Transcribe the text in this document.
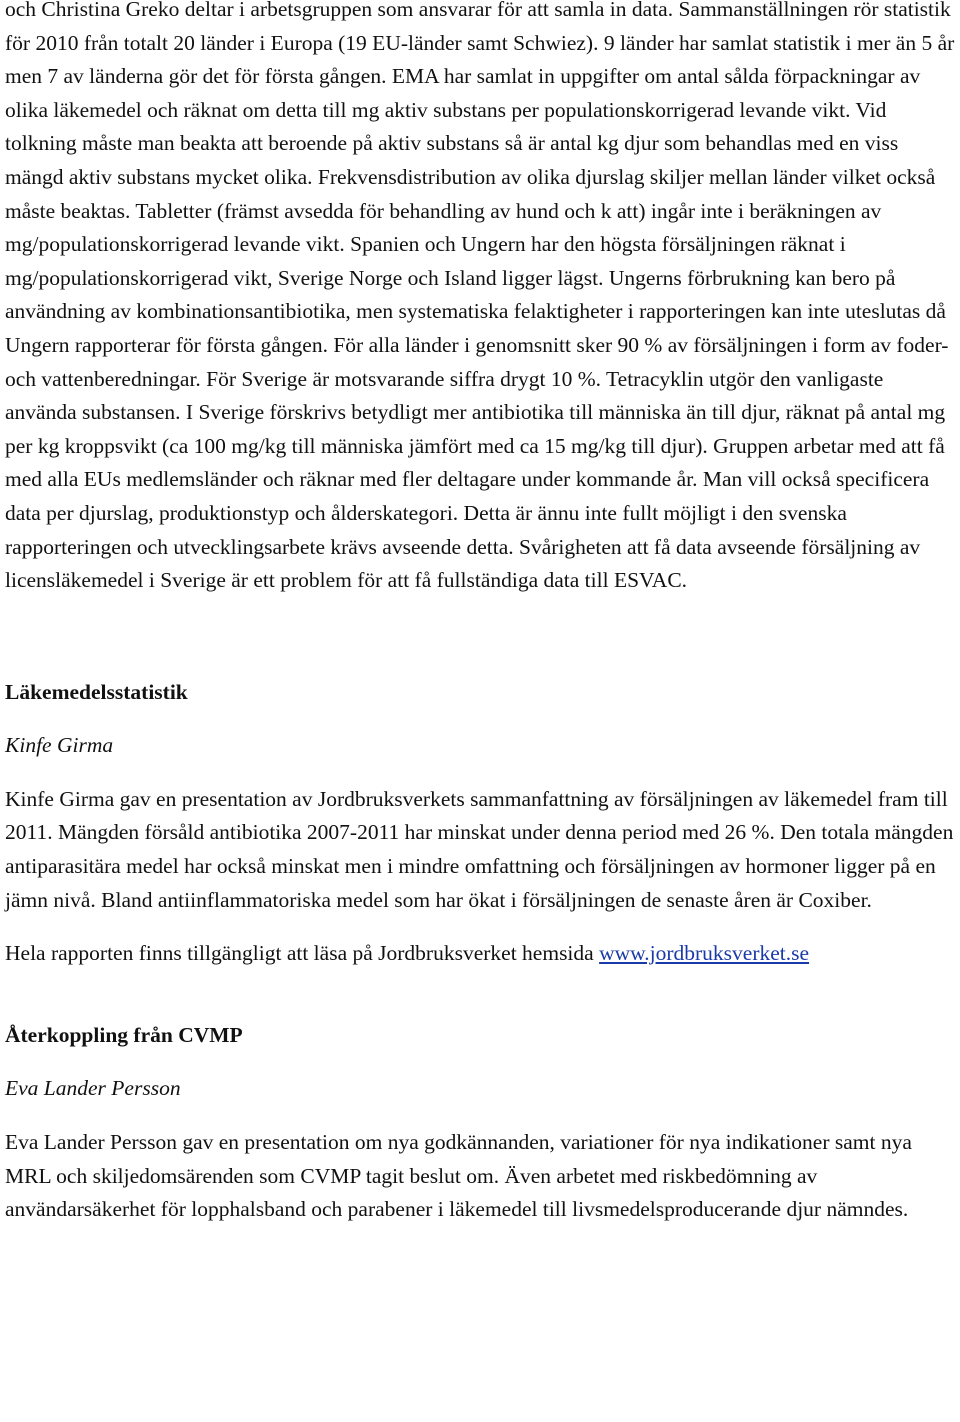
och Christina Greko deltar i arbetsgruppen som ansvarar för att samla in data. Sammanställningen rör statistik för 2010 från totalt 20 länder i Europa (19 EU-länder samt Schwiez). 9 länder har samlat statistik i mer än 5 år men 7 av länderna gör det för första gången. EMA har samlat in uppgifter om antal sålda förpackningar av olika läkemedel och räknat om detta till mg aktiv substans per populationskorrigerad levande vikt. Vid tolkning måste man beakta att beroende på aktiv substans så är antal kg djur som behandlas med en viss mängd aktiv substans mycket olika. Frekvensdistribution av olika djurslag skiljer mellan länder vilket också måste beaktas. Tabletter (främst avsedda för behandling av hund och k att) ingår inte i beräkningen av mg/populationskorrigerad levande vikt. Spanien och Ungern har den högsta försäljningen räknat i mg/populationskorrigerad vikt, Sverige Norge och Island ligger lägst. Ungerns förbrukning kan bero på användning av kombinationsantibiotika, men systematiska felaktigheter i rapporteringen kan inte uteslutas då Ungern rapporterar för första gången. För alla länder i genomsnitt sker 90 % av försäljningen i form av foder- och vattenberedningar. För Sverige är motsvarande siffra drygt 10 %. Tetracyklin utgör den vanligaste använda substansen. I Sverige förskrivs betydligt mer antibiotika till människa än till djur, räknat på antal mg per kg kroppsvikt (ca 100 mg/kg till människa jämfört med ca 15 mg/kg till djur). Gruppen arbetar med att få med alla EUs medlemsländer och räknar med fler deltagare under kommande år. Man vill också specificera data per djurslag, produktionstyp och ålderskategori. Detta är ännu inte fullt möjligt i den svenska rapporteringen och utvecklingsarbete krävs avseende detta. Svårigheten att få data avseende försäljning av licensläkemedel i Sverige är ett problem för att få fullständiga data till ESVAC.

Läkemedelsstatistik

Kinfe Girma

Kinfe Girma gav en presentation av Jordbruksverkets sammanfattning av försäljningen av läkemedel fram till 2011. Mängden försåld antibiotika 2007-2011 har minskat under denna period med 26 %. Den totala mängden antiparasitära medel har också minskat men i mindre omfattning och försäljningen av hormoner ligger på en jämn nivå. Bland antiinflammatoriska medel som har ökat i försäljningen de senaste åren är Coxiber.

Hela rapporten finns tillgängligt att läsa på Jordbruksverket hemsida www.jordbruksverket.se

Återkoppling från CVMP

Eva Lander Persson

Eva Lander Persson gav en presentation om nya godkännanden, variationer för nya indikationer samt nya MRL och skiljedomsärenden som CVMP tagit beslut om. Även arbetet med riskbedömning av användarsäkerhet för lopphalsband och parabener i läkemedel till livsmedelsproducerande djur nämndes.
